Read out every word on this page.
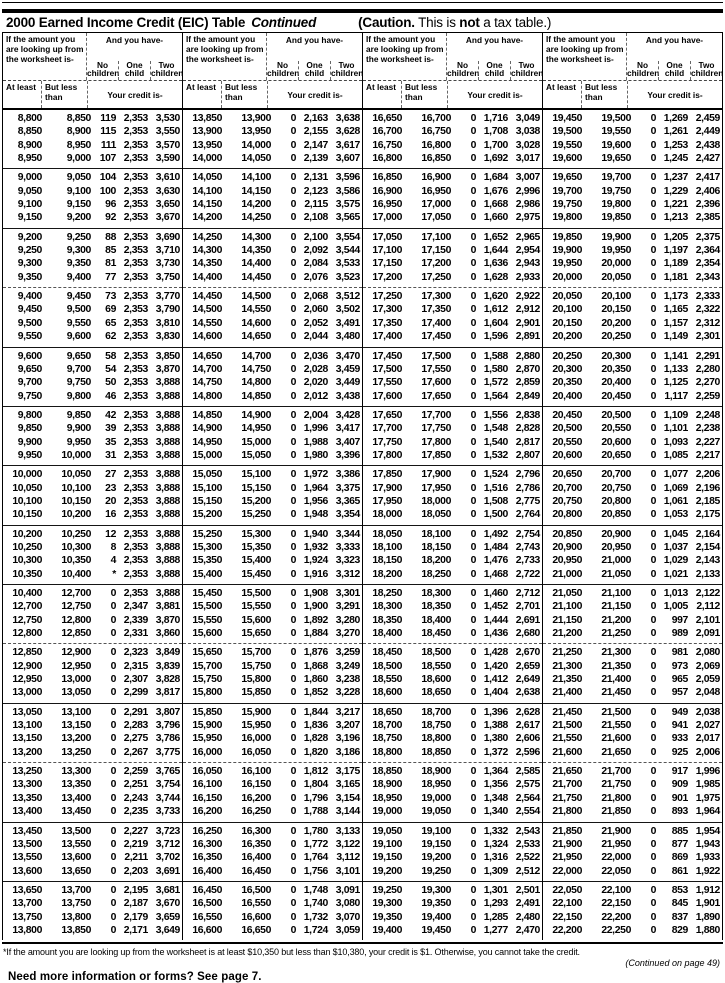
2000 Earned Income Credit (EIC) Table Continued	(Caution. This is not a tax table.)
If the amount you are looking up from the worksheet is-
And you have-
No children
One child
Two children
At least	But less than	Your credit is-
8,800	8,850 119 2,353 3,530
8,850	8,900 115 2,353 3,550
8,900	8,950 111 2,353 3,570
8,950	9,000 107 2,353 3,590
9,000	9,050 104 2,353 3,610
9,050	9,100 100 2,353 3,630
9,100	9,150	96 2,353 3,650
9,150	9,200	92 2,353 3,670
9,200	9,250	88 2,353 3,690
9,250	9,300	85 2,353 3,710
9,300	9,350	81 2,353 3,730
9,350	9,400	77 2,353 3,750
9,400	9,450	73 2,353 3,770
9,450	9,500	69 2,353 3,790
9,500	9,550	65 2,353 3,810
9,550	9,600	62 2,353 3,830
9,600	9,650	58 2,353 3,850
9,650	9,700	54 2,353 3,870
9,700	9,750	50 2,353 3,888
9,750	9,800	46 2,353 3,888
9,800	9,850	42 2,353 3,888
9,850	9,900	39 2,353 3,888
9,900	9,950	35 2,353 3,888
9,950	10,000	31 2,353 3,888
10,000	10,050	27 2,353 3,888
10,050	10,100	23 2,353 3,888
10,100	10,150	20 2,353 3,888
10,150	10,200	16 2,353 3,888
10,200	10,250	12 2,353 3,888
10,250	10,300	8 2,353 3,888
10,300	10,350	4 2,353 3,888
10,350	10,400	* 2,353 3,888
10,400	12,700	0 2,353 3,888
12,700	12,750	0 2,347 3,881
12,750	12,800	0 2,339 3,870
12,800	12,850	0 2,331 3,860
12,850	12,900	0 2,323 3,849
12,900	12,950	0 2,315 3,839
12,950	13,000	0 2,307 3,828
13,000	13,050	0 2,299 3,817
13,050	13,100	0 2,291 3,807
13,100	13,150	0 2,283 3,796
13,150	13,200	0 2,275 3,786
13,200	13,250	0 2,267 3,775
13,250	13,300	0 2,259 3,765
13,300	13,350	0 2,251 3,754
13,350	13,400	0 2,243 3,744
13,400	13,450	0 2,235 3,733
13,450	13,500	0 2,227 3,723
13,500	13,550	0 2,219 3,712
13,550	13,600	0 2,211 3,702
13,600	13,650	0 2,203 3,691
13,650	13,700	0 2,195 3,681
13,700	13,750	0 2,187 3,670
13,750	13,800	0 2,179 3,659
13,800	13,850	0 2,171 3,649
If the amount you are looking up from the worksheet is-
And you have-
No children
One child
Two children
At least	But less than	Your credit is-
13,850	13,900	0 2,163 3,638
13,900	13,950	0 2,155 3,628
13,950	14,000	0 2,147 3,617
14,000	14,050	0 2,139 3,607
14,050	14,100	0 2,131 3,596
14,100	14,150	0 2,123 3,586
14,150	14,200	0 2,115 3,575
14,200	14,250	0 2,108 3,565
14,250	14,300	0 2,100 3,554
14,300	14,350	0 2,092 3,544
14,350	14,400	0 2,084 3,533
14,400	14,450	0 2,076 3,523
14,450	14,500	0 2,068 3,512
14,500	14,550	0 2,060 3,502
14,550	14,600	0 2,052 3,491
14,600	14,650	0 2,044 3,480
14,650	14,700	0 2,036 3,470
14,700	14,750	0 2,028 3,459
14,750	14,800	0 2,020 3,449
14,800	14,850	0 2,012 3,438
14,850	14,900	0 2,004 3,428
14,900	14,950	0 1,996 3,417
14,950	15,000	0 1,988 3,407
15,000	15,050	0 1,980 3,396
15,050	15,100	0 1,972 3,386
15,100	15,150	0 1,964 3,375
15,150	15,200	0 1,956 3,365
15,200	15,250	0 1,948 3,354
15,250	15,300	0 1,940 3,344
15,300	15,350	0 1,932 3,333
15,350	15,400	0 1,924 3,323
15,400	15,450	0 1,916 3,312
15,450	15,500	0 1,908 3,301
15,500	15,550	0 1,900 3,291
15,550	15,600	0 1,892 3,280
15,600	15,650	0 1,884 3,270
15,650	15,700	0 1,876 3,259
15,700	15,750	0 1,868 3,249
15,750	15,800	0 1,860 3,238
15,800	15,850	0 1,852 3,228
15,850	15,900	0 1,844 3,217
15,900	15,950	0 1,836 3,207
15,950	16,000	0 1,828 3,196
16,000	16,050	0 1,820 3,186
16,050	16,100	0 1,812 3,175
16,100	16,150	0 1,804 3,165
16,150	16,200	0 1,796 3,154
16,200	16,250	0 1,788 3,144
16,250	16,300	0 1,780 3,133
16,300	16,350	0 1,772 3,122
16,350	16,400	0 1,764 3,112
16,400	16,450	0 1,756 3,101
16,450	16,500	0 1,748 3,091
16,500	16,550	0 1,740 3,080
16,550	16,600	0 1,732 3,070
16,600	16,650	0 1,724 3,059
If the amount you are looking up from the worksheet is-
And you have-
No children
One child
Two children
At least	But less than	Your credit is-
16,650	16,700	0 1,716 3,049
16,700	16,750	0 1,708 3,038
16,750	16,800	0 1,700 3,028
16,800	16,850	0 1,692 3,017
16,850	16,900	0 1,684 3,007
16,900	16,950	0 1,676 2,996
16,950	17,000	0 1,668 2,986
17,000	17,050	0 1,660 2,975
17,050	17,100	0 1,652 2,965
17,100	17,150	0 1,644 2,954
17,150	17,200	0 1,636 2,943
17,200	17,250	0 1,628 2,933
17,250	17,300	0 1,620 2,922
17,300	17,350	0 1,612 2,912
17,350	17,400	0 1,604 2,901
17,400	17,450	0 1,596 2,891
17,450	17,500	0 1,588 2,880
17,500	17,550	0 1,580 2,870
17,550	17,600	0 1,572 2,859
17,600	17,650	0 1,564 2,849
17,650	17,700	0 1,556 2,838
17,700	17,750	0 1,548 2,828
17,750	17,800	0 1,540 2,817
17,800	17,850	0 1,532 2,807
17,850	17,900	0 1,524 2,796
17,900	17,950	0 1,516 2,786
17,950	18,000	0 1,508 2,775
18,000	18,050	0 1,500 2,764
18,050	18,100	0 1,492 2,754
18,100	18,150	0 1,484 2,743
18,150	18,200	0 1,476 2,733
18,200	18,250	0 1,468 2,722
18,250	18,300	0 1,460 2,712
18,300	18,350	0 1,452 2,701
18,350	18,400	0 1,444 2,691
18,400	18,450	0 1,436 2,680
18,450	18,500	0 1,428 2,670
18,500	18,550	0 1,420 2,659
18,550	18,600	0 1,412 2,649
18,600	18,650	0 1,404 2,638
18,650	18,700	0 1,396 2,628
18,700	18,750	0 1,388 2,617
18,750	18,800	0 1,380 2,606
18,800	18,850	0 1,372 2,596
18,850	18,900	0 1,364 2,585
18,900	18,950	0 1,356 2,575
18,950	19,000	0 1,348 2,564
19,000	19,050	0 1,340 2,554
19,050	19,100	0 1,332 2,543
19,100	19,150	0 1,324 2,533
19,150	19,200	0 1,316 2,522
19,200	19,250	0 1,309 2,512
19,250	19,300	0 1,301 2,501
19,300	19,350	0 1,293 2,491
19,350	19,400	0 1,285 2,480
19,400	19,450	0 1,277 2,470
If the amount you are looking up from the worksheet is-
And you have-
No children
One child
Two children
At least	But less than	Your credit is-
19,450	19,500	0 1,269 2,459
19,500	19,550	0 1,261 2,449
19,550	19,600	0 1,253 2,438
19,600	19,650	0 1,245 2,427
19,650	19,700	0 1,237 2,417
19,700	19,750	0 1,229 2,406
19,750	19,800	0 1,221 2,396
19,800	19,850	0 1,213 2,385
19,850	19,900	0 1,205 2,375
19,900	19,950	0 1,197 2,364
19,950	20,000	0 1,189 2,354
20,000	20,050	0 1,181 2,343
20,050	20,100	0 1,173 2,333
20,100	20,150	0 1,165 2,322
20,150	20,200	0 1,157 2,312
20,200	20,250	0 1,149 2,301
20,250	20,300	0 1,141 2,291
20,300	20,350	0 1,133 2,280
20,350	20,400	0 1,125 2,270
20,400	20,450	0 1,117 2,259
20,450	20,500	0 1,109 2,248
20,500	20,550	0 1,101 2,238
20,550	20,600	0 1,093 2,227
20,600	20,650	0 1,085 2,217
20,650	20,700	0 1,077 2,206
20,700	20,750	0 1,069 2,196
20,750	20,800	0 1,061 2,185
20,800	20,850	0 1,053 2,175
20,850	20,900	0 1,045 2,164
20,900	20,950	0 1,037 2,154
20,950	21,000	0 1,029 2,143
21,000	21,050	0 1,021 2,133
21,050	21,100	0 1,013 2,122
21,100	21,150	0 1,005 2,112
21,150	21,200	0	997 2,101
21,200	21,250	0	989 2,091
21,250	21,300	0	981 2,080
21,300	21,350	0	973 2,069
21,350	21,400	0	965 2,059
21,400	21,450	0	957 2,048
21,450	21,500	0	949 2,038
21,500	21,550	0	941 2,027
21,550	21,600	0	933 2,017
21,600	21,650	0	925 2,006
21,650	21,700	0	917 1,996
21,700	21,750	0	909 1,985
21,750	21,800	0	901 1,975
21,800	21,850	0	893 1,964
21,850	21,900	0	885 1,954
21,900	21,950	0	877 1,943
21,950	22,000	0	869 1,933
22,000	22,050	0	861 1,922
22,050	22,100	0	853 1,912
22,100	22,150	0	845 1,901
22,150	22,200	0	837 1,890
22,200	22,250	0	829 1,880
*If the amount you are looking up from the worksheet is at least $10,350 but less than $10,380, your credit is $1. Otherwise, you cannot take the credit.
(Continued on page 49)
Need more information or forms? See page 7.
